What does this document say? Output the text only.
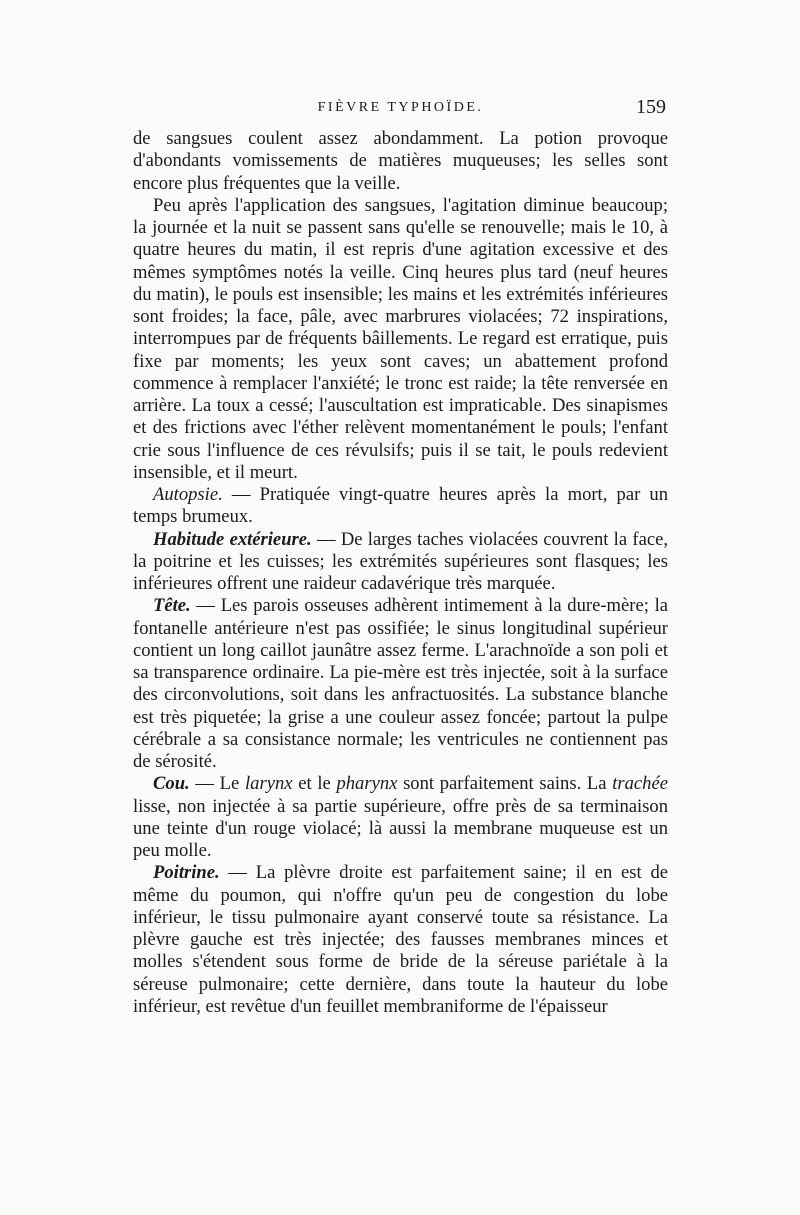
FIÈVRE TYPHOÏDE.	159

de sangsues coulent assez abondamment. La potion provoque d'abondants vomissements de matières muqueuses; les selles sont encore plus fréquentes que la veille.

Peu après l'application des sangsues, l'agitation diminue beaucoup; la journée et la nuit se passent sans qu'elle se renouvelle; mais le 10, à quatre heures du matin, il est repris d'une agitation excessive et des mêmes symptômes notés la veille. Cinq heures plus tard (neuf heures du matin), le pouls est insensible; les mains et les extrémités inférieures sont froides; la face, pâle, avec marbrures violacées; 72 inspirations, interrompues par de fréquents bâillements. Le regard est erratique, puis fixe par moments; les yeux sont caves; un abattement profond commence à remplacer l'anxiété; le tronc est raide; la tête renversée en arrière. La toux a cessé; l'auscultation est impraticable. Des sinapismes et des frictions avec l'éther relèvent momentanément le pouls; l'enfant crie sous l'influence de ces révulsifs; puis il se tait, le pouls redevient insensible, et il meurt.

Autopsie. — Pratiquée vingt-quatre heures après la mort, par un temps brumeux.

Habitude extérieure. — De larges taches violacées couvrent la face, la poitrine et les cuisses; les extrémités supérieures sont flasques; les inférieures offrent une raideur cadavérique très marquée.

Tête. — Les parois osseuses adhèrent intimement à la dure-mère; la fontanelle antérieure n'est pas ossifiée; le sinus longitudinal supérieur contient un long caillot jaunâtre assez ferme. L'arachnoïde a son poli et sa transparence ordinaire. La pie-mère est très injectée, soit à la surface des circonvolutions, soit dans les anfractuosités. La substance blanche est très piquetée; la grise a une couleur assez foncée; partout la pulpe cérébrale a sa consistance normale; les ventricules ne contiennent pas de sérosité.

Cou. — Le larynx et le pharynx sont parfaitement sains. La trachée lisse, non injectée à sa partie supérieure, offre près de sa terminaison une teinte d'un rouge violacé; là aussi la membrane muqueuse est un peu molle.

Poitrine. — La plèvre droite est parfaitement saine; il en est de même du poumon, qui n'offre qu'un peu de congestion du lobe inférieur, le tissu pulmonaire ayant conservé toute sa résistance. La plèvre gauche est très injectée; des fausses membranes minces et molles s'étendent sous forme de bride de la séreuse pariétale à la séreuse pulmonaire; cette dernière, dans toute la hauteur du lobe inférieur, est revêtue d'un feuillet membraniforme de l'épaisseur
